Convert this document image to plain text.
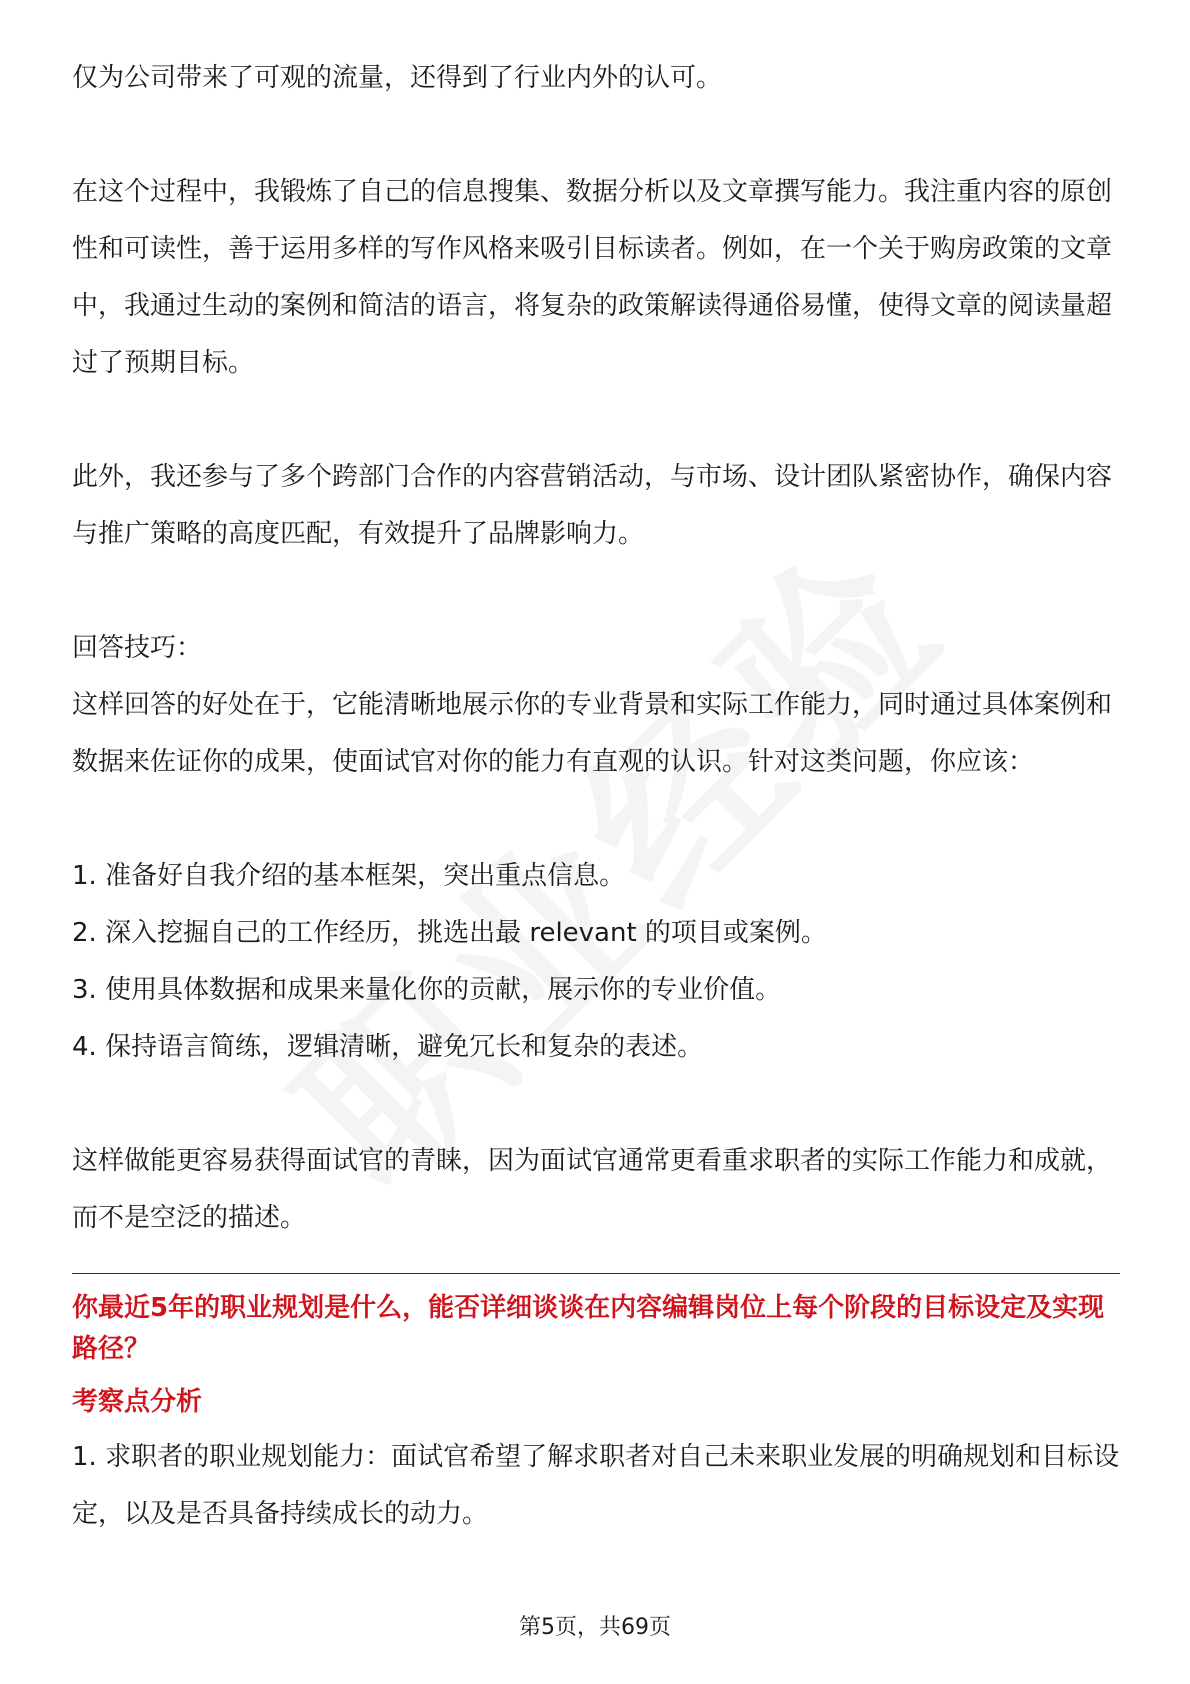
仅为公司带来了可观的流量，还得到了行业内外的认可。

在这个过程中，我锻炼了自己的信息搜集、数据分析以及文章撰写能力。我注重内容的原创性和可读性，善于运用多样的写作风格来吸引目标读者。例如，在一个关于购房政策的文章中，我通过生动的案例和简洁的语言，将复杂的政策解读得通俗易懂，使得文章的阅读量超过了预期目标。

此外，我还参与了多个跨部门合作的内容营销活动，与市场、设计团队紧密协作，确保内容与推广策略的高度匹配，有效提升了品牌影响力。

回答技巧：

这样回答的好处在于，它能清晰地展示你的专业背景和实际工作能力，同时通过具体案例和数据来佐证你的成果，使面试官对你的能力有直观的认识。针对这类问题，你应该：

1. 准备好自我介绍的基本框架，突出重点信息。

2. 深入挖掘自己的工作经历，挑选出最 relevant 的项目或案例。

3. 使用具体数据和成果来量化你的贡献，展示你的专业价值。

4. 保持语言简练，逻辑清晰，避免冗长和复杂的表述。

这样做能更容易获得面试官的青睐，因为面试官通常更看重求职者的实际工作能力和成就，而不是空泛的描述。

你最近5年的职业规划是什么，能否详细谈谈在内容编辑岗位上每个阶段的目标设定及实现路径？

考察点分析

1. 求职者的职业规划能力：面试官希望了解求职者对自己未来职业发展的明确规划和目标设定，以及是否具备持续成长的动力。

第5页，共69页
